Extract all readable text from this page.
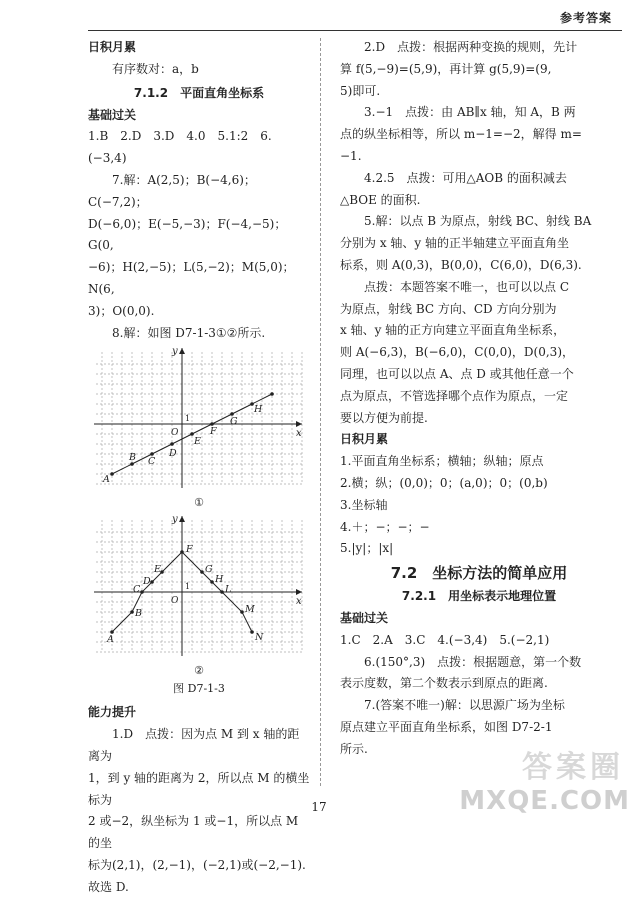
参考答案

日积月累

有序数对：a，b

7.1.2　平面直角坐标系

基础过关

1.B　2.D　3.D　4.0　5.1:2　6.(−3,4)

7.解：A(2,5)；B(−4,6)；C(−7,2)；

D(−6,0)；E(−5,−3)；F(−4,−5)；G(0,

−6)；H(2,−5)；L(5,−2)；M(5,0)；N(6,

3)；O(0,0).

8.解：如图 D7-1-3①②所示.

x
y
O
1
A
B C
D
E
F
G
H

①

x
y
O
1
A
B
C
D
E
F
G
H
L
M
N

②

图 D7-1-3

能力提升

1.D　点拨：因为点 M 到 x 轴的距离为

1，到 y 轴的距离为 2，所以点 M 的横坐标为

2 或−2，纵坐标为 1 或−1，所以点 M 的坐

标为(2,1)，(2,−1)，(−2,1)或(−2,−1).

故选 D.

2.D　点拨：根据两种变换的规则，先计

算 f(5,−9)=(5,9)，再计算 g(5,9)=(9,

5)即可.

3.−1　点拨：由 AB∥x 轴，知 A，B 两

点的纵坐标相等，所以 m−1=−2，解得 m=

−1.

4.2.5　点拨：可用△AOB 的面积减去

△BOE 的面积.

5.解：以点 B 为原点，射线 BC、射线 BA

分别为 x 轴、y 轴的正半轴建立平面直角坐

标系，则 A(0,3)，B(0,0)，C(6,0)，D(6,3).

点拨：本题答案不唯一，也可以以点 C

为原点，射线 BC 方向、CD 方向分别为

x 轴、y 轴的正方向建立平面直角坐标系，

则 A(−6,3)，B(−6,0)，C(0,0)，D(0,3)，

同理，也可以以点 A、点 D 或其他任意一个

点为原点，不管选择哪个点作为原点，一定

要以方便为前提.

日积月累

1.平面直角坐标系；横轴；纵轴；原点

2.横；纵；(0,0)；0；(a,0)；0；(0,b)

3.坐标轴

4.＋；−；−；−

5.|y|；|x|

7.2　坐标方法的简单应用

7.2.1　用坐标表示地理位置

基础过关

1.C　2.A　3.C　4.(−3,4)　5.(−2,1)

6.(150°,3)　点拨：根据题意，第一个数

表示度数，第二个数表示到原点的距离.

7.(答案不唯一)解：以思源广场为坐标

原点建立平面直角坐标系，如图 D7-2-1

所示.

17
答案圈
MXQE.COM
